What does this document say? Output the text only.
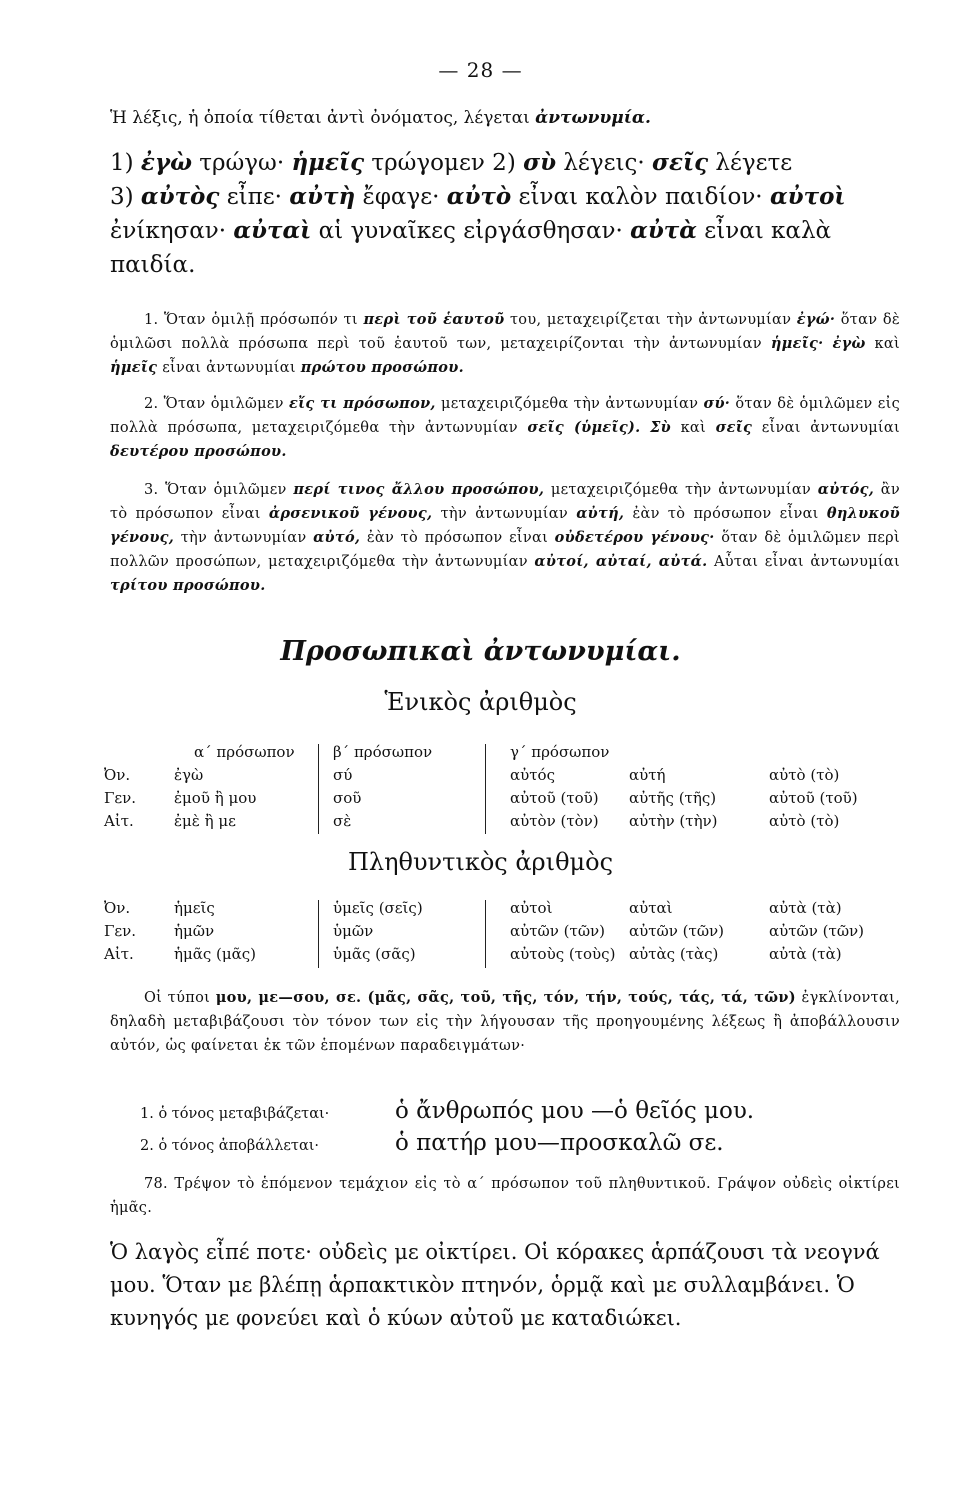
— 28 —
Ἡ λέξις, ἡ ὁποία τίθεται ἀντὶ ὀνόματος, λέγεται ἀντωνυμία.
1) ἐγὼ τρώγω· ἡμεῖς τρώγομεν 2) σὺ λέγεις· σεῖς λέγετε
3) αὐτὸς εἶπε· αὐτὴ ἔφαγε· αὐτὸ εἶναι καλὸν παιδίον· αὐτοὶ
ἐνίκησαν· αὐταὶ αἱ γυναῖκες εἰργάσθησαν· αὐτὰ εἶναι καλὰ
παιδία.
1. Ὅταν ὁμιλῇ πρόσωπόν τι περὶ τοῦ ἑαυτοῦ του, μεταχειρίζεται τὴν ἀντωνυμίαν ἐγώ· ὅταν δὲ ὁμιλῶσι πολλὰ πρόσωπα περὶ τοῦ ἑαυτοῦ των, μεταχειρίζονται τὴν ἀντωνυμίαν ἡμεῖς· ἐγὼ καὶ ἡμεῖς εἶναι ἀντωνυμίαι πρώτου προσώπου.
2. Ὅταν ὁμιλῶμεν εἴς τι πρόσωπον, μεταχειριζόμεθα τὴν ἀντωνυμίαν σύ· ὅταν δὲ ὁμιλῶμεν εἰς πολλὰ πρόσωπα, μεταχειριζόμεθα τὴν ἀντωνυμίαν σεῖς (ὑμεῖς). Σὺ καὶ σεῖς εἶναι ἀντωνυμίαι δευτέρου προσώπου.
3. Ὅταν ὁμιλῶμεν περί τινος ἄλλου προσώπου, μεταχειριζόμεθα τὴν ἀντωνυμίαν αὐτός, ἂν τὸ πρόσωπον εἶναι ἀρσενικοῦ γένους, τὴν ἀντωνυμίαν αὐτή, ἐὰν τὸ πρόσωπον εἶναι θηλυκοῦ γένους, τὴν ἀντωνυμίαν αὐτό, ἐὰν τὸ πρόσωπον εἶναι οὐδετέρου γένους· ὅταν δὲ ὁμιλῶμεν περὶ πολλῶν προσώπων, μεταχειριζόμεθα τὴν ἀντωνυμίαν αὐτοί, αὐταί, αὐτά. Αὗται εἶναι ἀντωνυμίαι τρίτου προσώπου.
Προσωπικαὶ ἀντωνυμίαι.
Ἑνικὸς ἀριθμὸς
	α΄ πρόσωπον	β΄ πρόσωπον	γ΄ πρόσωπον		
Ὀν.	ἐγὼ	σύ	αὐτός	αὐτή	αὐτὸ (τὸ)
Γεν.	ἐμοῦ ἢ μου	σοῦ	αὐτοῦ (τοῦ)	αὐτῆς (τῆς)	αὐτοῦ (τοῦ)
Αἰτ.	ἐμὲ ἢ με	σὲ	αὐτὸν (τὸν)	αὐτὴν (τὴν)	αὐτὸ (τὸ)
Πληθυντικὸς ἀριθμὸς
Ὀν.	ἡμεῖς	ὑμεῖς (σεῖς)	αὐτοὶ	αὐταὶ	αὐτὰ (τὰ)
Γεν.	ἡμῶν	ὑμῶν	αὐτῶν (τῶν)	αὐτῶν (τῶν)	αὐτῶν (τῶν)
Αἰτ.	ἡμᾶς (μᾶς)	ὑμᾶς (σᾶς)	αὐτοὺς (τοὺς)	αὐτὰς (τὰς)	αὐτὰ (τὰ)
Οἱ τύποι μου, με—σου, σε. (μᾶς, σᾶς, τοῦ, τῆς, τόν, τήν, τούς, τάς, τά, τῶν) ἐγκλίνονται, δηλαδὴ μεταβιβάζουσι τὸν τόνον των εἰς τὴν λήγουσαν τῆς προηγουμένης λέξεως ἢ ἀποβάλλουσιν αὐτόν, ὡς φαίνεται ἐκ τῶν ἑπομένων παραδειγμάτων·
1. ὁ τόνος μεταβιβάζεται·	ὁ ἄνθρωπός μου —ὁ θεῖός μου.
2. ὁ τόνος ἀποβάλλεται·	ὁ πατήρ μου—προσκαλῶ σε.
78. Τρέψον τὸ ἑπόμενον τεμάχιον εἰς τὸ α΄ πρόσωπον τοῦ πληθυντικοῦ. Γράψον οὐδεὶς οἰκτίρει ἡμᾶς.
Ὁ λαγὸς εἶπέ ποτε· οὐδεὶς με οἰκτίρει. Οἱ κόρακες ἁρπάζουσι τὰ νεογνά μου. Ὅταν με βλέπῃ ἁρπακτικὸν πτηνόν, ὁρμᾷ καὶ με συλλαμβάνει. Ὁ κυνηγός με φονεύει καὶ ὁ κύων αὐτοῦ με καταδιώκει.
